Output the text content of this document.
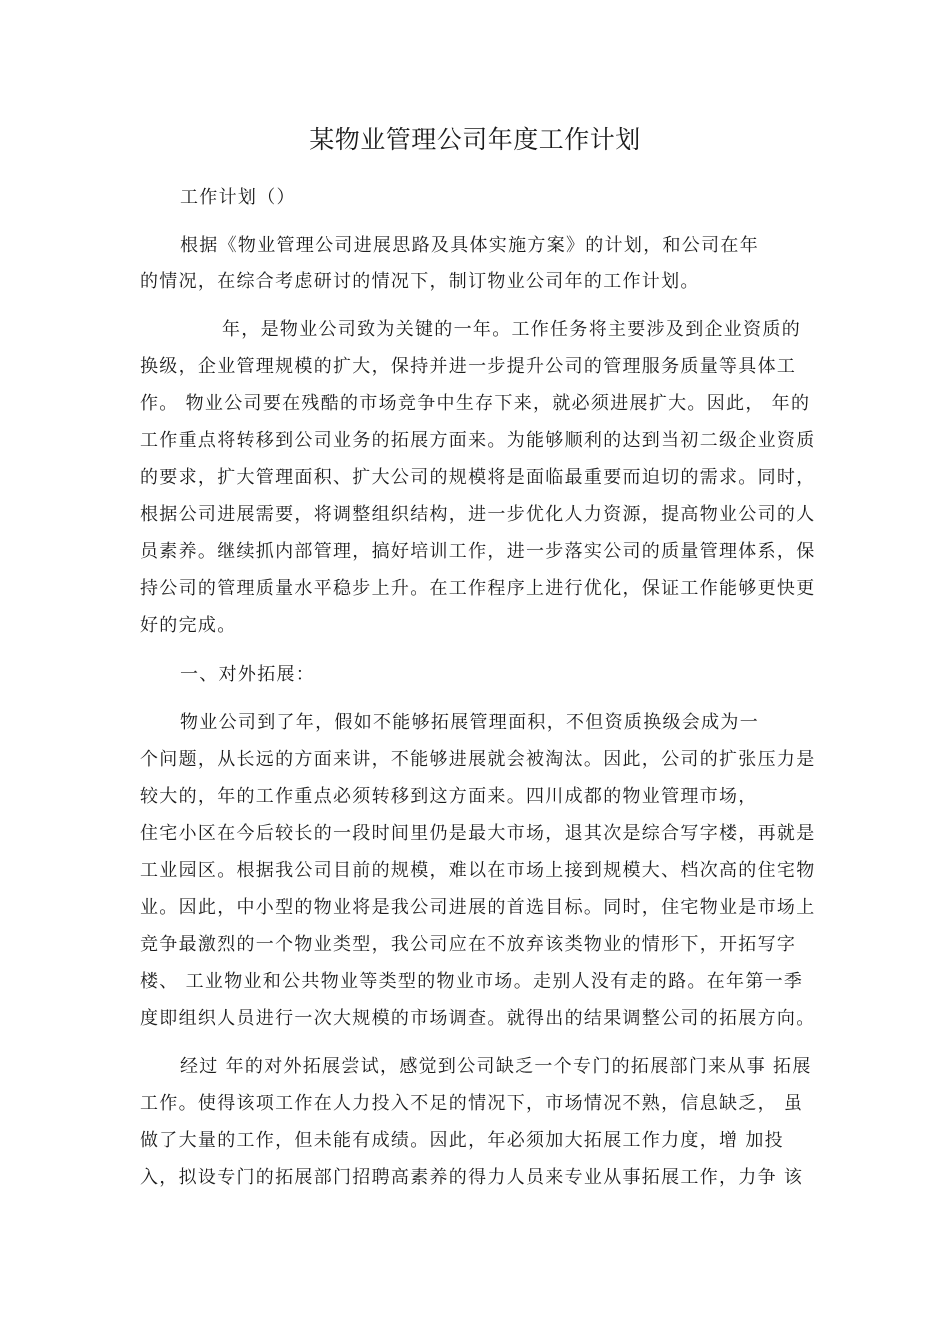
某物业管理公司年度工作计划
工作计划（）
根据《物业管理公司进展思路及具体实施方案》的计划，和公司在年
的情况，在综合考虑研讨的情况下，制订物业公司年的工作计划。
年，是物业公司致为关键的一年。工作任务将主要涉及到企业资质的
换级，企业管理规模的扩大，保持并进一步提升公司的管理服务质量等具体工
作。 物业公司要在残酷的市场竞争中生存下来，就必须进展扩大。因此， 年的
工作重点将转移到公司业务的拓展方面来。为能够顺利的达到当初二级企业资质
的要求，扩大管理面积、扩大公司的规模将是面临最重要而迫切的需求。同时，
根据公司进展需要，将调整组织结构，进一步优化人力资源，提高物业公司的人
员素养。继续抓内部管理，搞好培训工作，进一步落实公司的质量管理体系，保
持公司的管理质量水平稳步上升。在工作程序上进行优化，保证工作能够更快更
好的完成。
一、对外拓展：
物业公司到了年，假如不能够拓展管理面积，不但资质换级会成为一
个问题，从长远的方面来讲，不能够进展就会被淘汰。因此，公司的扩张压力是
较大的，年的工作重点必须转移到这方面来。四川成都的物业管理市场，
住宅小区在今后较长的一段时间里仍是最大市场，退其次是综合写字楼，再就是
工业园区。根据我公司目前的规模，难以在市场上接到规模大、档次高的住宅物
业。因此，中小型的物业将是我公司进展的首选目标。同时，住宅物业是市场上
竞争最激烈的一个物业类型，我公司应在不放弃该类物业的情形下，开拓写字
楼、 工业物业和公共物业等类型的物业市场。走别人没有走的路。在年第一季
度即组织人员进行一次大规模的市场调查。就得出的结果调整公司的拓展方向。
经过 年的对外拓展尝试，感觉到公司缺乏一个专门的拓展部门来从事 拓展
工作。使得该项工作在人力投入不足的情况下，市场情况不熟，信息缺乏， 虽
做了大量的工作，但未能有成绩。因此，年必须加大拓展工作力度，增 加投
入，拟设专门的拓展部门招聘高素养的得力人员来专业从事拓展工作，力争 该
